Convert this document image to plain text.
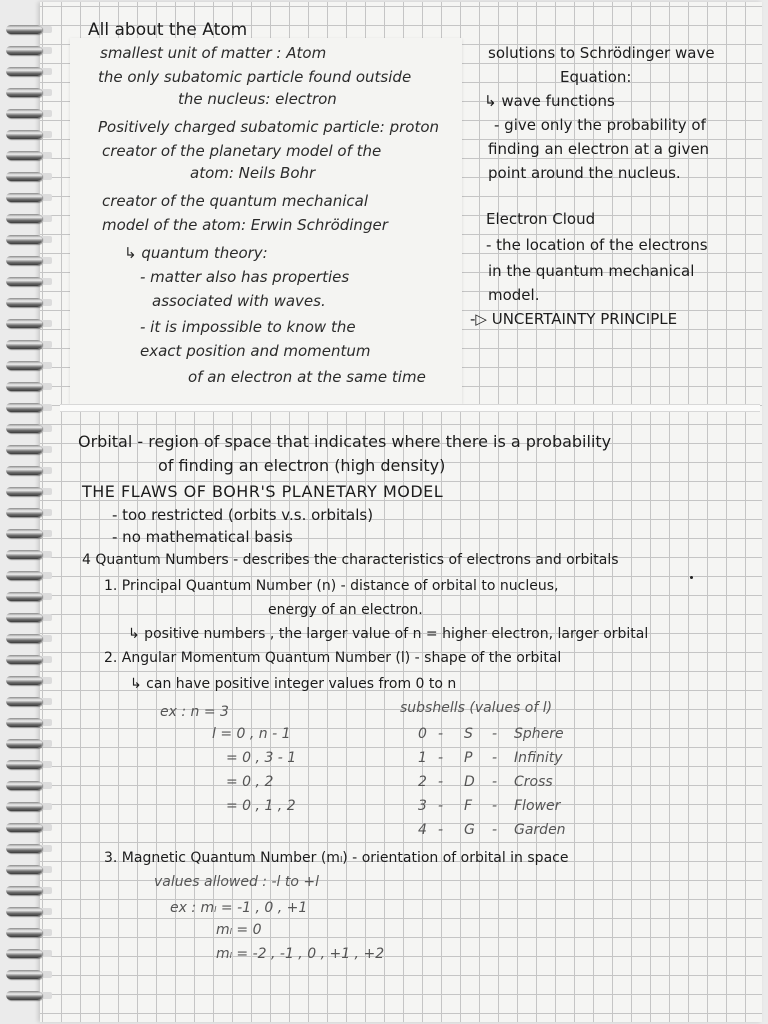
All about the Atom
smallest unit of matter : Atom
the only subatomic particle found outside
the nucleus: electron
Positively charged subatomic particle: proton
creator of the planetary model of the
atom: Neils Bohr
creator of the quantum mechanical
model of the atom: Erwin Schrödinger
↳ quantum theory:
- matter also has properties
associated with waves.
- it is impossible to know the
exact position and momentum
of an electron at the same time
solutions to Schrödinger wave
Equation:
↳ wave functions
- give only the probability of
finding an electron at a given
point around the nucleus.
Electron Cloud
- the location of the electrons
in the quantum mechanical
model.
-▷ UNCERTAINTY PRINCIPLE
Orbital - region of space that indicates where there is a probability
of finding an electron (high density)
THE FLAWS OF BOHR'S PLANETARY MODEL
- too restricted (orbits v.s. orbitals)
- no mathematical basis
4 Quantum Numbers - describes the characteristics of electrons and orbitals
1. Principal Quantum Number (n) - distance of orbital to nucleus,
energy of an electron.
↳ positive numbers , the larger value of n = higher electron, larger orbital
2. Angular Momentum Quantum Number (l) - shape of the orbital
↳ can have positive integer values from 0 to n
ex : n = 3
l = 0 , n - 1
= 0 , 3 - 1
= 0 , 2
= 0 , 1 , 2
subshells (values of l)
0 - S - Sphere
1 - P - Infinity
2 - D - Cross
3 - F - Flower
4 - G - Garden
3. Magnetic Quantum Number (mₗ) - orientation of orbital in space
values allowed : -l to +l
ex : mₗ = -1 , 0 , +1
mₗ = 0
mₗ = -2 , -1 , 0 , +1 , +2
